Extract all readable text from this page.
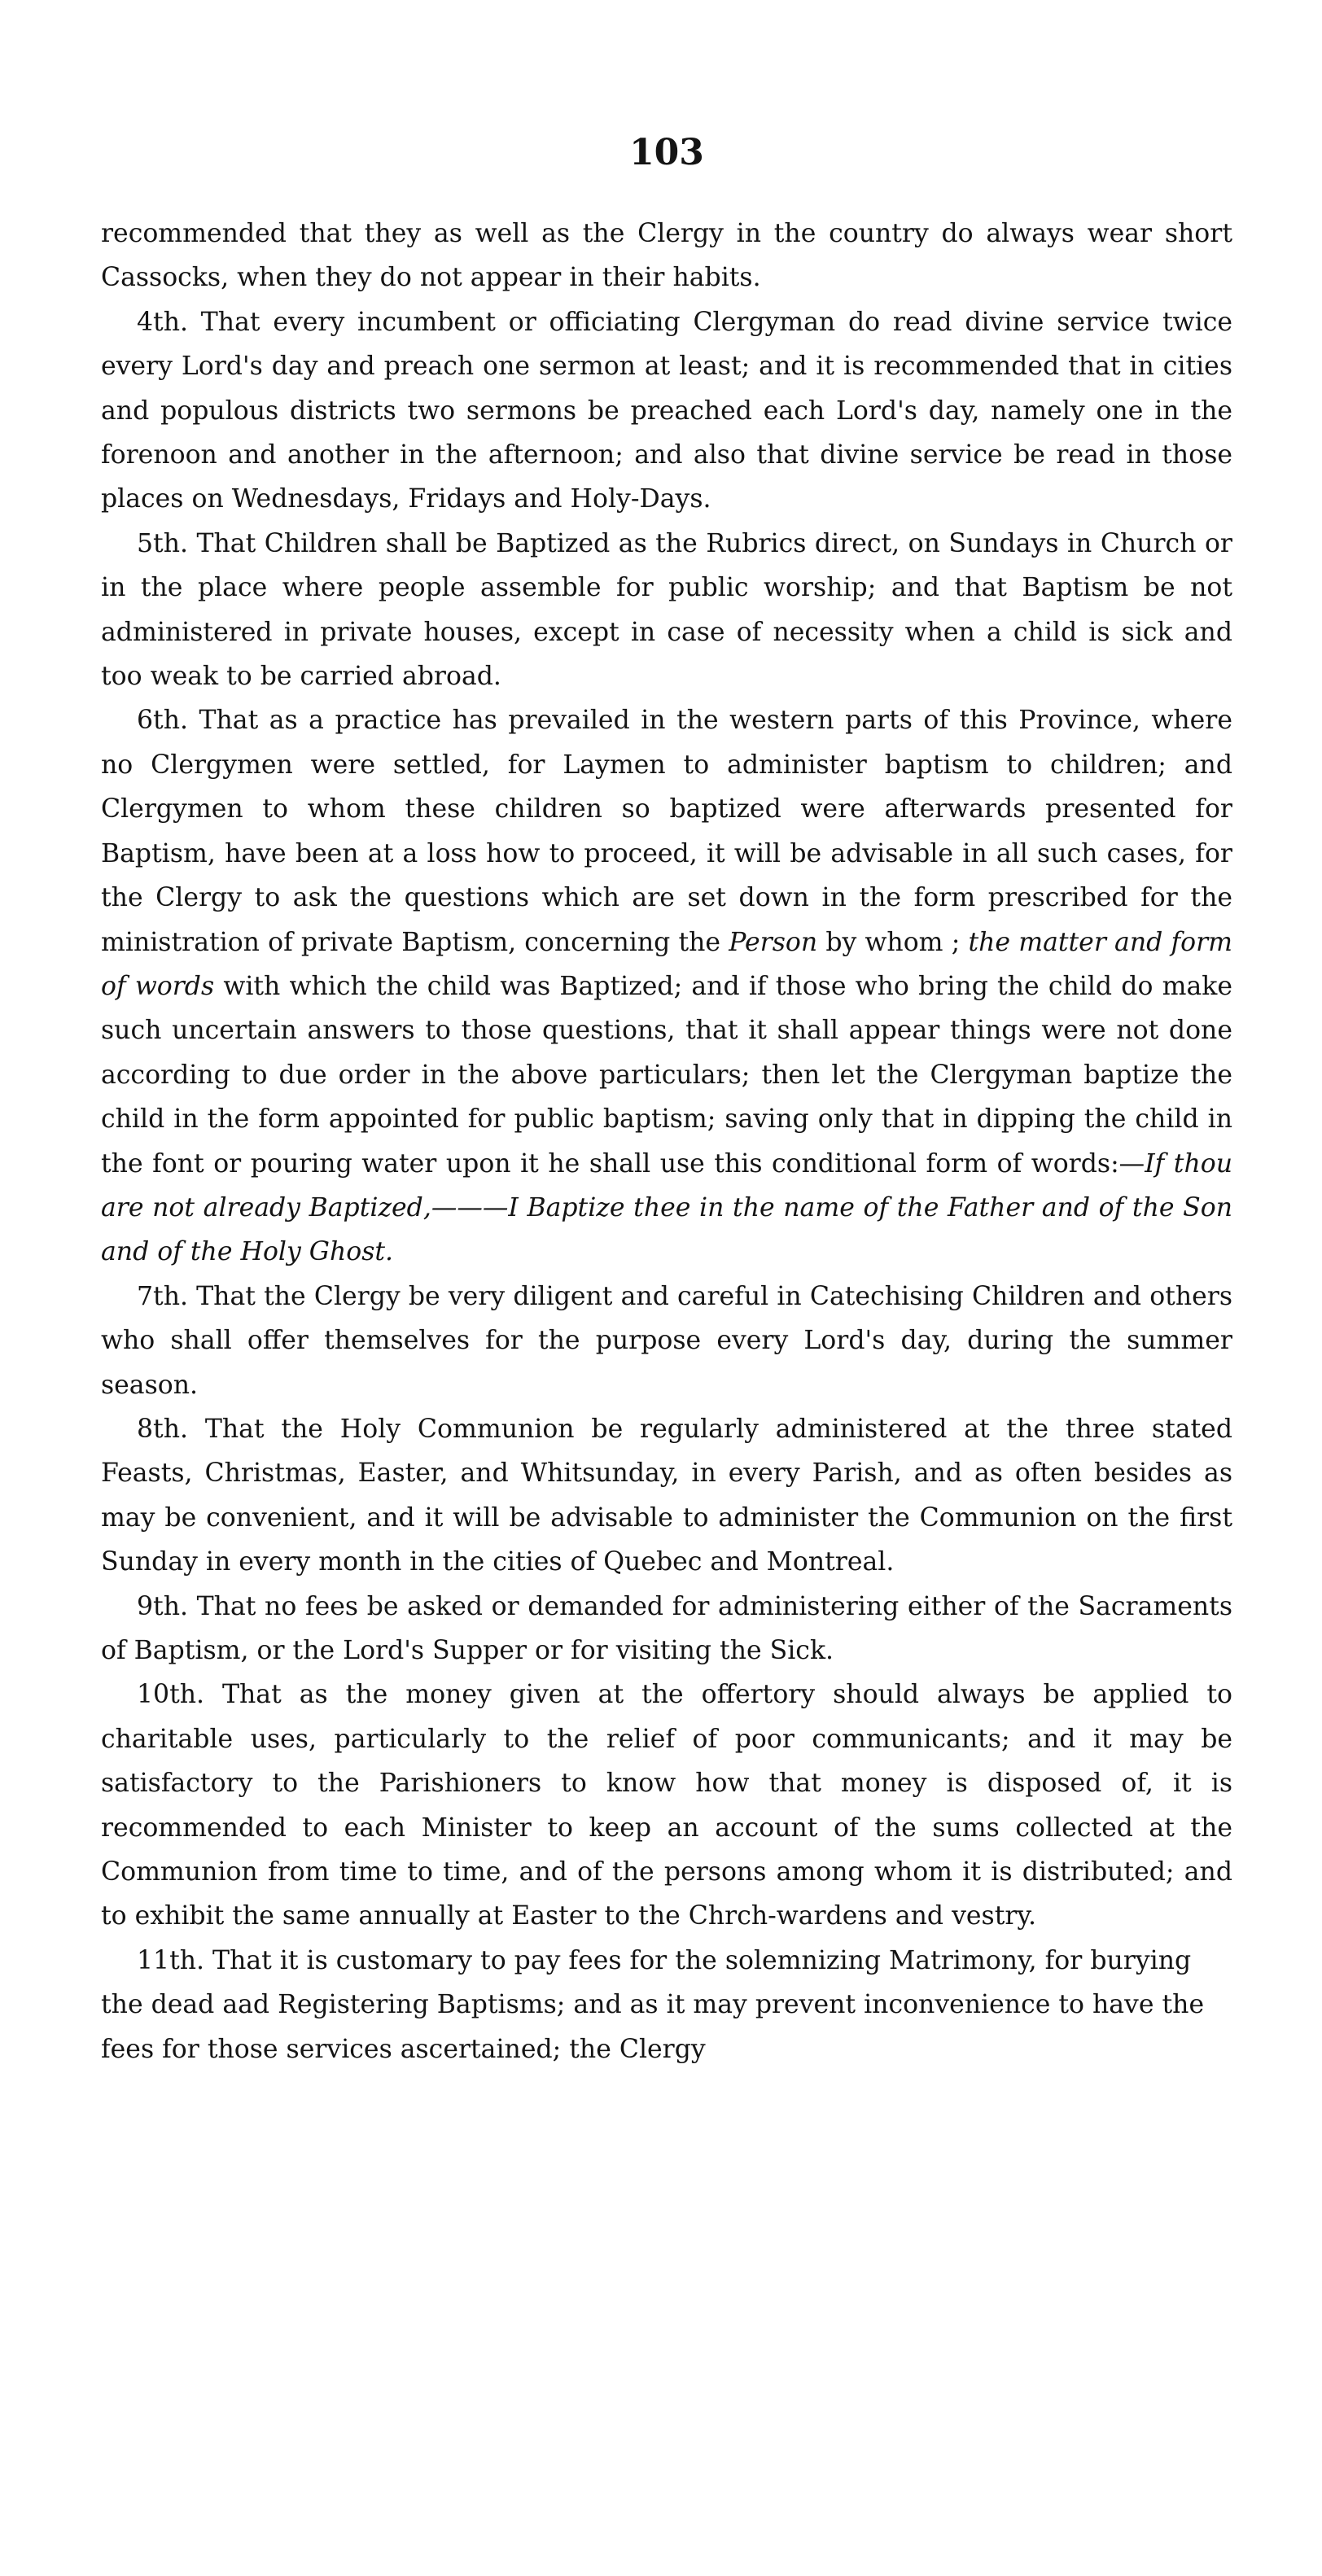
103

recommended that they as well as the Clergy in the country do always wear short Cassocks, when they do not appear in their habits.

4th. That every incumbent or officiating Clergyman do read divine service twice every Lord's day and preach one sermon at least; and it is recommended that in cities and populous districts two sermons be preached each Lord's day, namely one in the forenoon and another in the afternoon; and also that divine service be read in those places on Wednesdays, Fridays and Holy-Days.

5th. That Children shall be Baptized as the Rubrics direct, on Sundays in Church or in the place where people assemble for public worship; and that Baptism be not administered in private houses, except in case of necessity when a child is sick and too weak to be carried abroad.

6th. That as a practice has prevailed in the western parts of this Province, where no Clergymen were settled, for Laymen to administer baptism to children; and Clergymen to whom these children so baptized were afterwards presented for Baptism, have been at a loss how to proceed, it will be advisable in all such cases, for the Clergy to ask the questions which are set down in the form prescribed for the ministration of private Baptism, concerning the Person by whom ; the matter and form of words with which the child was Baptized; and if those who bring the child do make such uncertain answers to those questions, that it shall appear things were not done according to due order in the above particulars; then let the Clergyman baptize the child in the form appointed for public baptism; saving only that in dipping the child in the font or pouring water upon it he shall use this conditional form of words:—If thou are not already Baptized,———I Baptize thee in the name of the Father and of the Son and of the Holy Ghost.

7th. That the Clergy be very diligent and careful in Catechising Children and others who shall offer themselves for the purpose every Lord's day, during the summer season.

8th. That the Holy Communion be regularly administered at the three stated Feasts, Christmas, Easter, and Whitsunday, in every Parish, and as often besides as may be convenient, and it will be advisable to administer the Communion on the first Sunday in every month in the cities of Quebec and Montreal.

9th. That no fees be asked or demanded for administering either of the Sacraments of Baptism, or the Lord's Supper or for visiting the Sick.

10th. That as the money given at the offertory should always be applied to charitable uses, particularly to the relief of poor communicants; and it may be satisfactory to the Parishioners to know how that money is disposed of, it is recommended to each Minister to keep an account of the sums collected at the Communion from time to time, and of the persons among whom it is distributed; and to exhibit the same annually at Easter to the Chrch-wardens and vestry.

11th. That it is customary to pay fees for the solemnizing Matrimony, for burying the dead aad Registering Baptisms; and as it may prevent inconvenience to have the fees for those services ascertained; the Clergy
